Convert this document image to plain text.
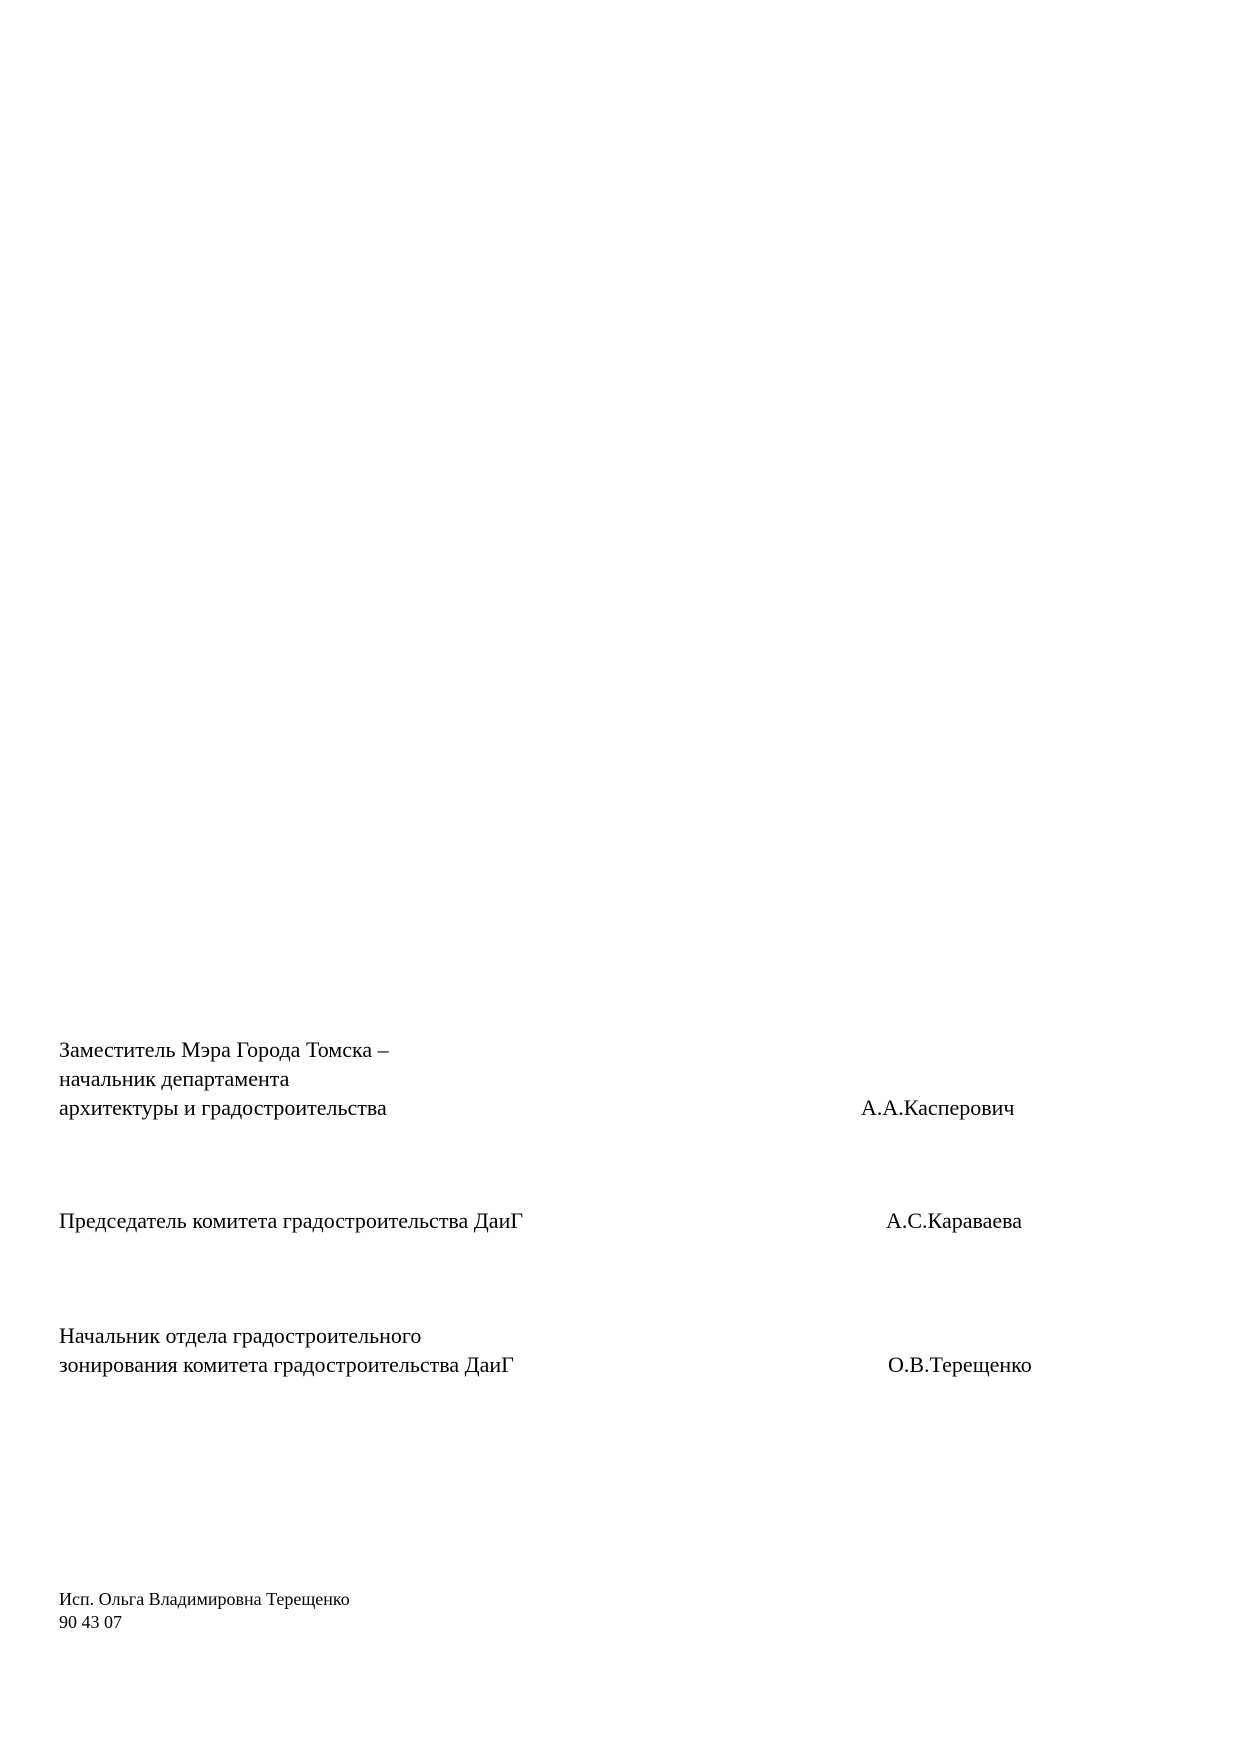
Заместитель Мэра Города Томска –
начальник департамента
архитектуры и градостроительства	А.А.Касперович
Председатель комитета градостроительства ДаиГ	А.С.Караваева
Начальник отдела градостроительного
зонирования комитета градостроительства ДаиГ	О.В.Терещенко
Исп. Ольга Владимировна Терещенко
90 43 07
